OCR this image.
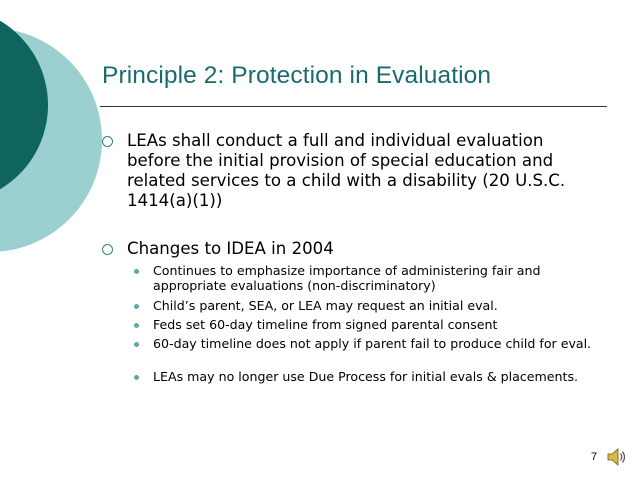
Principle 2: Protection in Evaluation
LEAs shall conduct a full and individual evaluation before the initial provision of special education and related services to a child with a disability (20 U.S.C. 1414(a)(1))
Changes to IDEA in 2004
Continues to emphasize importance of administering fair and appropriate evaluations (non-discriminatory)
Child’s parent, SEA, or LEA may request an initial eval.
Feds set 60-day timeline from signed parental consent
60-day timeline does not apply if parent fail to produce child for eval.
LEAs may no longer use Due Process for initial evals & placements.
7
